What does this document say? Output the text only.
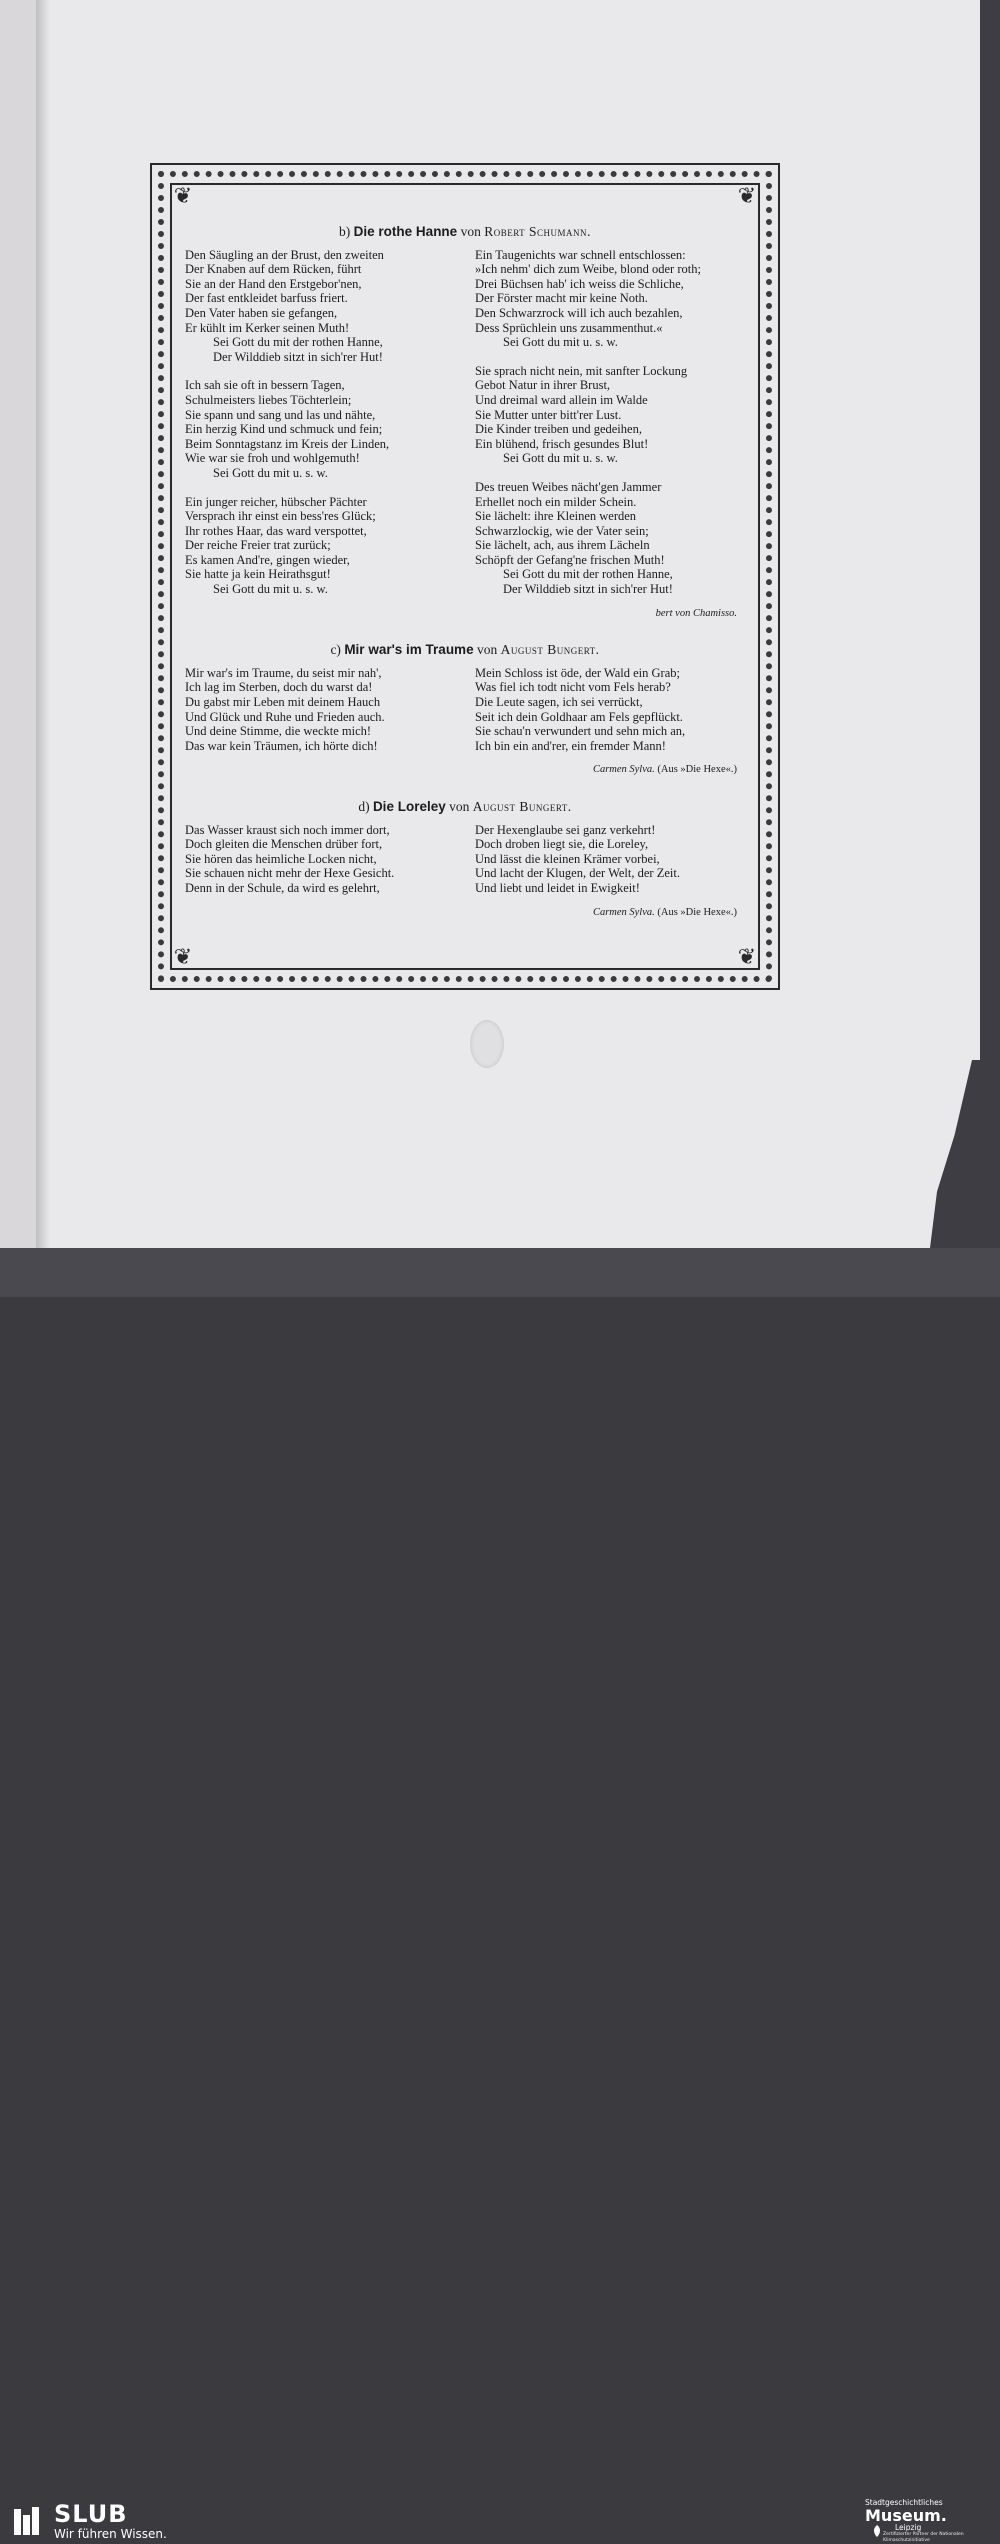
❦	❦
❦	❦
b) Die rothe Hanne von Robert Schumann.
Den Säugling an der Brust, den zweiten
Der Knaben auf dem Rücken, führt
Sie an der Hand den Erstgebor'nen,
Der fast entkleidet barfuss friert.
Den Vater haben sie gefangen,
Er kühlt im Kerker seinen Muth!
Sei Gott du mit der rothen Hanne,
Der Wilddieb sitzt in sich'rer Hut!
Ich sah sie oft in bessern Tagen,
Schulmeisters liebes Töchterlein;
Sie spann und sang und las und nähte,
Ein herzig Kind und schmuck und fein;
Beim Sonntagstanz im Kreis der Linden,
Wie war sie froh und wohlgemuth!
Sei Gott du mit u. s. w.
Ein junger reicher, hübscher Pächter
Versprach ihr einst ein bess'res Glück;
Ihr rothes Haar, das ward verspottet,
Der reiche Freier trat zurück;
Es kamen And're, gingen wieder,
Sie hatte ja kein Heirathsgut!
Sei Gott du mit u. s. w.
Ein Taugenichts war schnell entschlossen:
»Ich nehm' dich zum Weibe, blond oder roth;
Drei Büchsen hab' ich weiss die Schliche,
Der Förster macht mir keine Noth.
Den Schwarzrock will ich auch bezahlen,
Dess Sprüchlein uns zusammenthut.«
Sei Gott du mit u. s. w.
Sie sprach nicht nein, mit sanfter Lockung
Gebot Natur in ihrer Brust,
Und dreimal ward allein im Walde
Sie Mutter unter bitt'rer Lust.
Die Kinder treiben und gedeihen,
Ein blühend, frisch gesundes Blut!
Sei Gott du mit u. s. w.
Des treuen Weibes nächt'gen Jammer
Erhellet noch ein milder Schein.
Sie lächelt: ihre Kleinen werden
Schwarzlockig, wie der Vater sein;
Sie lächelt, ach, aus ihrem Lächeln
Schöpft der Gefang'ne frischen Muth!
Sei Gott du mit der rothen Hanne,
Der Wilddieb sitzt in sich'rer Hut!
bert von Chamisso.
c) Mir war's im Traume von August Bungert.
Mir war's im Traume, du seist mir nah',
Ich lag im Sterben, doch du warst da!
Du gabst mir Leben mit deinem Hauch
Und Glück und Ruhe und Frieden auch.
Und deine Stimme, die weckte mich!
Das war kein Träumen, ich hörte dich!
Mein Schloss ist öde, der Wald ein Grab;
Was fiel ich todt nicht vom Fels herab?
Die Leute sagen, ich sei verrückt,
Seit ich dein Goldhaar am Fels gepflückt.
Sie schau'n verwundert und sehn mich an,
Ich bin ein and'rer, ein fremder Mann!
Carmen Sylva. (Aus »Die Hexe«.)
d) Die Loreley von August Bungert.
Das Wasser kraust sich noch immer dort,
Doch gleiten die Menschen drüber fort,
Sie hören das heimliche Locken nicht,
Sie schauen nicht mehr der Hexe Gesicht.
Denn in der Schule, da wird es gelehrt,
Der Hexenglaube sei ganz verkehrt!
Doch droben liegt sie, die Loreley,
Und lässt die kleinen Krämer vorbei,
Und lacht der Klugen, der Welt, der Zeit.
Und liebt und leidet in Ewigkeit!
Carmen Sylva. (Aus »Die Hexe«.)
SLUB
Wir führen Wissen.
Stadtgeschichtliches
Museum.
Leipzig
Zertifizierter Partner der Nationalen Klimaschutzinitiative
